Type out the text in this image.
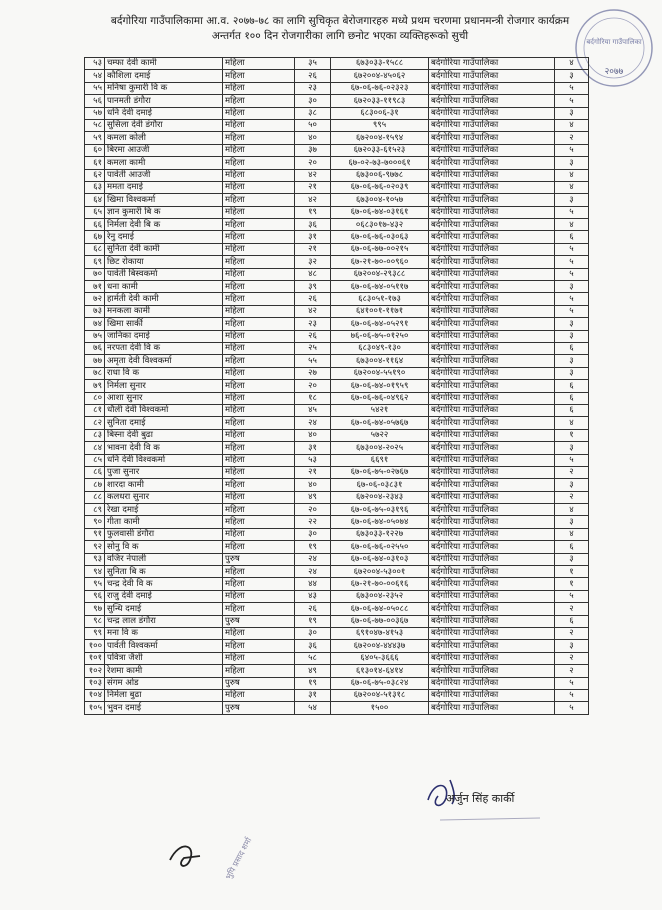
बर्दगोरिया गाउँपालिकामा आ.व. २०७७-७८ का लागि सुचिकृत बेरोजगारहरु मध्ये प्रथम चरणमा प्रधानमन्त्री रोजगार कार्यक्रम
अन्तर्गत १०० दिन रोजगारीका लागि छनोट भएका व्यक्तिहरूको सुची	बर्दगोरिया गाउँपालिका
२०७७
५३	चम्फा देवी कामी	महिला	३५	६७३०३३-१५८८	बर्दगोरिया गाउँपालिका	४
५४	कौशिला दमाई	महिला	२६	६७२००४-४५०६२	बर्दगोरिया गाउँपालिका	३
५५	मनिषा कुमारी वि क	महिला	२३	६७-०६-७६-०२३२३	बर्दगोरिया गाउँपालिका	५
५६	पानमती डंगौरा	महिला	३०	६७२०३३-११९८३	बर्दगोरिया गाउँपालिका	५
५७	धनि देवी दमाई	महिला	३८	६८३००६-३१	बर्दगोरिया गाउँपालिका	३
५८	सुसिला देवी डंगौरा	महिला	५०	९९५	बर्दगोरिया गाउँपालिका	४
५९	कमला कोली	महिला	४०	६७२००४-१५९४	बर्दगोरिया गाउँपालिका	२
६०	बिरमा आउजी	महिला	३७	६७२०३३-६१५२३	बर्दगोरिया गाउँपालिका	५
६१	कमला कामी	महिला	२०	६७-०२-७३-७०००६१	बर्दगोरिया गाउँपालिका	३
६२	पार्वती आउजी	महिला	४२	६७३००६-९७७८	बर्दगोरिया गाउँपालिका	४
६३	ममता दमाई	महिला	२१	६७-०६-७६-०२०३९	बर्दगोरिया गाउँपालिका	४
६४	खिमा विश्वकर्मा	महिला	४२	६७३००४-१०५७	बर्दगोरिया गाउँपालिका	३
६५	ज्ञान कुमारी बि क	महिला	१९	६७-०६-७४-०३१६१	बर्दगोरिया गाउँपालिका	५
६६	निर्मला देवी बि क	महिला	३६	०६८३०१७-४३२	बर्दगोरिया गाउँपालिका	४
६७	रेनु दमाई	महिला	३१	६७-०६-७६-०३०६३	बर्दगोरिया गाउँपालिका	६
६८	सुनिता देवी कामी	महिला	२१	६७-०६-७७-००२१५	बर्दगोरिया गाउँपालिका	५
६९	छिट रोकाया	महिला	३२	६७-२१-७०-००९६०	बर्दगोरिया गाउँपालिका	५
७०	पार्वती बिस्वकर्मा	महिला	४८	६७२००४-२९३८८	बर्दगोरिया गाउँपालिका	५
७१	धना कामी	महिला	३९	६७-०६-७४-०५११७	बर्दगोरिया गाउँपालिका	३
७२	हार्मती देवी कामी	महिला	२६	६८३०५१-१७३	बर्दगोरिया गाउँपालिका	५
७३	मनकला कामी	महिला	४२	६४१००१-११७१	बर्दगोरिया गाउँपालिका	५
७४	खिमा सार्की	महिला	२३	६७-०६-७४-०५२९१	बर्दगोरिया गाउँपालिका	३
७५	जानिका दमाई	महिला	२६	७६-०६-७५-०१२५०	बर्दगोरिया गाउँपालिका	३
७६	नरपता देवी वि क	महिला	२५	६८३०४९-१३०	बर्दगोरिया गाउँपालिका	६
७७	अमृता देवी विश्वकर्मा	महिला	५५	६७३००४-११६४	बर्दगोरिया गाउँपालिका	३
७८	राधा वि क	महिला	२७	६७२००४-५५१९०	बर्दगोरिया गाउँपालिका	३
७९	निर्मला सुनार	महिला	२०	६७-०६-७४-०१९५९	बर्दगोरिया गाउँपालिका	६
८०	आशा सुनार	महिला	१८	६७-०६-७६-०४९६२	बर्दगोरिया गाउँपालिका	६
८१	धौली देवी विश्वकर्मा	महिला	४५	५४२१	बर्दगोरिया गाउँपालिका	६
८२	सुनिता दमाई	महिला	२४	६७-०६-७४-०५७६७	बर्दगोरिया गाउँपालिका	४
८३	बिस्ना देवी बुढा	महिला	४०	५७२२	बर्दगोरिया गाउँपालिका	१
८४	भावना देवी वि क	महिला	३१	६७३००४-२०२५	बर्दगोरिया गाउँपालिका	३
८५	धनि देवी विश्वकर्मा	महिला	५३	६६९१	बर्दगोरिया गाउँपालिका	५
८६	पुजा सुनार	महिला	२१	६७-०६-७५-०२७६७	बर्दगोरिया गाउँपालिका	२
८७	शारदा कामी	महिला	४०	६७-०६-०३८३१	बर्दगोरिया गाउँपालिका	३
८८	कलधरा सुनार	महिला	४९	६७२००४-२३४३	बर्दगोरिया गाउँपालिका	२
८९	रेखा दमाई	महिला	२०	६७-०६-७५-०३१९६	बर्दगोरिया गाउँपालिका	४
९०	गीता कामी	महिला	२२	६७-०६-७४-०५०७४	बर्दगोरिया गाउँपालिका	३
९१	फुलवासी डंगौरा	महिला	३०	६७३०३३-१२२७	बर्दगोरिया गाउँपालिका	४
९२	सोनु वि क	महिला	१९	६७-०६-७६-०२५५०	बर्दगोरिया गाउँपालिका	६
९३	वजिर नेपाली	पुरुष	२४	६७-०६-७४-०३१०३	बर्दगोरिया गाउँपालिका	३
९४	सुनिता बि क	महिला	२४	६७२००४-५३००१	बर्दगोरिया गाउँपालिका	१
९५	चन्द्र देवी वि क	महिला	४४	६७-२१-७०-००६१६	बर्दगोरिया गाउँपालिका	१
९६	राजु देवी दमाई	महिला	४३	६७३००४-२३५२	बर्दगोरिया गाउँपालिका	५
९७	सुन्धि दमाई	महिला	२६	६७-०६-७४-०५०८८	बर्दगोरिया गाउँपालिका	२
९८	चन्द्र लाल डंगौरा	पुरुष	१९	६७-०६-७७-००३६७	बर्दगोरिया गाउँपालिका	६
९९	मना वि क	महिला	३०	६९१०४७-४१५३	बर्दगोरिया गाउँपालिका	२
१००	पार्वती विश्वकर्मा	महिला	३६	६७२००४-४४४३७	बर्दगोरिया गाउँपालिका	३
१०१	पवित्रा जैशी	महिला	५८	६४०५-३६६६	बर्दगोरिया गाउँपालिका	२
१०२	रेशमा कामी	महिला	४९	६१३०१४-६४१४	बर्दगोरिया गाउँपालिका	२
१०३	संगम ओड	पुरुष	१९	६७-०६-७५-०३८२४	बर्दगोरिया गाउँपालिका	५
१०४	निर्मला बुढा	महिला	३१	६७२००४-५१३१८	बर्दगोरिया गाउँपालिका	५
१०५	भुवन दमाई	पुरुष	५४	१५००	बर्दगोरिया गाउँपालिका	५
अर्जुन सिंह कार्की
भुपि प्रसाद शर्मा
